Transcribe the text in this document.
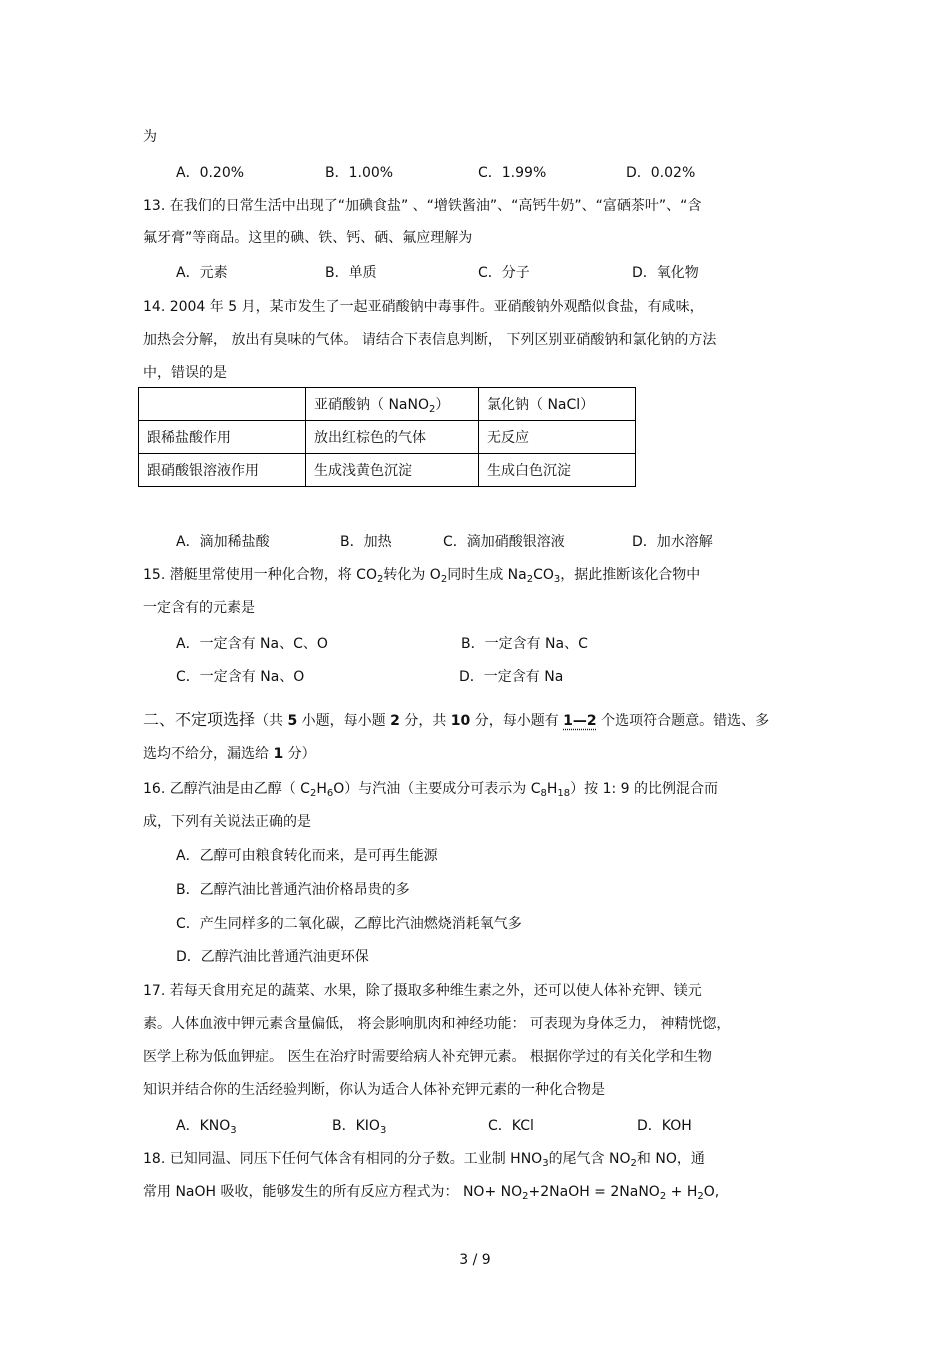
为
A．0.20%	B．1.00%	C．1.99%	D．0.02%
13. 在我们的日常生活中出现了“加碘食盐” 、“增铁酱油”、“高钙牛奶”、“富硒茶叶”、“含
氟牙膏”等商品。这里的碘、铁、钙、硒、氟应理解为
A．元素	B．单质	C．分子	D．氧化物
14. 2004 年 5 月，某市发生了一起亚硝酸钠中毒事件。亚硝酸钠外观酷似食盐，有咸味，
加热会分解， 放出有臭味的气体。 请结合下表信息判断， 下列区别亚硝酸钠和氯化钠的方法
中，错误的是
	亚硝酸钠（ NaNO$_2$）	氯化钠（ NaCl）
跟稀盐酸作用	放出红棕色的气体	无反应
跟硝酸银溶液作用	生成浅黄色沉淀	生成白色沉淀
A．滴加稀盐酸	B．加热	C．滴加硝酸银溶液	D．加水溶解
15. 潜艇里常使用一种化合物，将 $CO_2$转化为 $O_2$同时生成 $Na_2CO_3$，据此推断该化合物中
一定含有的元素是
A．一定含有 Na、C、O	B．一定含有 Na、C
C．一定含有 Na、O	D．一定含有 Na
二、不定项选择（共 5 小题，每小题 2 分，共 10 分，每小题有 1—2 个选项符合题意。错选、多
选均不给分，漏选给 1 分）
16. 乙醇汽油是由乙醇（ $C_2H_6O$）与汽油（主要成分可表示为 $C_8H_{18}$）按 1: 9 的比例混合而
成，下列有关说法正确的是
A．乙醇可由粮食转化而来，是可再生能源
B．乙醇汽油比普通汽油价格昂贵的多
C．产生同样多的二氧化碳，乙醇比汽油燃烧消耗氧气多
D．乙醇汽油比普通汽油更环保
17. 若每天食用充足的蔬菜、水果，除了摄取多种维生素之外，还可以使人体补充钾、镁元
素。人体血液中钾元素含量偏低， 将会影响肌肉和神经功能： 可表现为身体乏力， 神精恍惚，
医学上称为低血钾症。 医生在治疗时需要给病人补充钾元素。 根据你学过的有关化学和生物
知识并结合你的生活经验判断，你认为适合人体补充钾元素的一种化合物是
A．$KNO_3$	B．$KIO_3$	C．KCl	D．KOH
18. 已知同温、同压下任何气体含有相同的分子数。工业制 $HNO_3$的尾气含 $NO_2$和 NO，通
常用 NaOH 吸收，能够发生的所有反应方程式为： $NO+ NO_2+2NaOH$ = 2NaNO$_2$ + $H_2O$,
3 / 9
